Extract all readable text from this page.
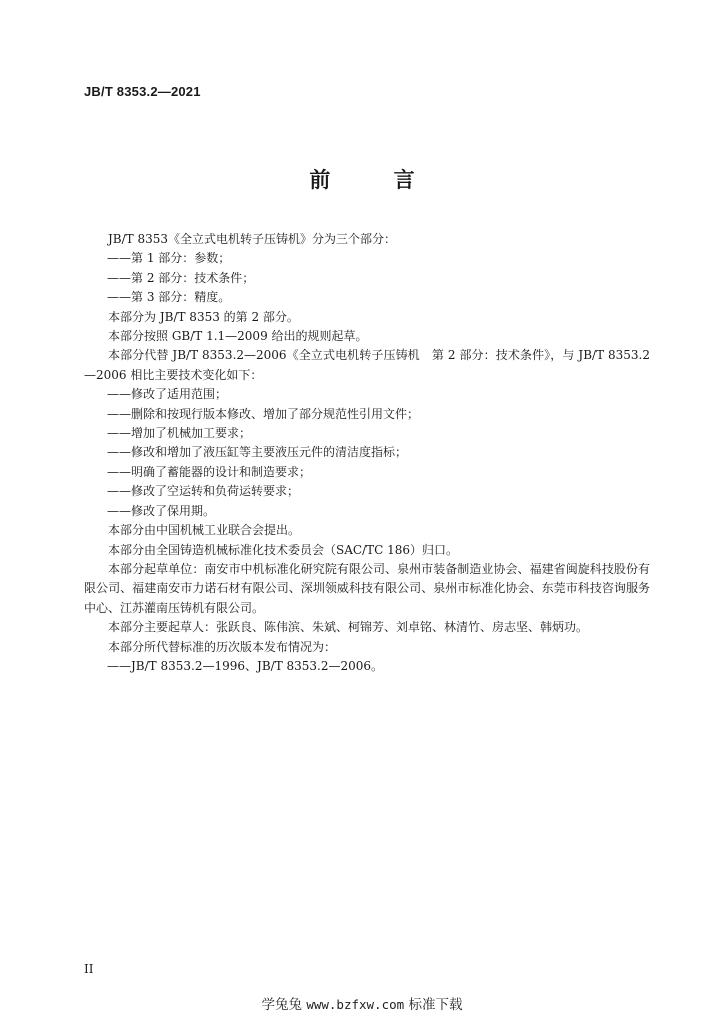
JB/T 8353.2—2021
前 言

JB/T 8353《全立式电机转子压铸机》分为三个部分：

——第 1 部分：参数；

——第 2 部分：技术条件；

——第 3 部分：精度。

本部分为 JB/T 8353 的第 2 部分。

本部分按照 GB/T 1.1—2009 给出的规则起草。

本部分代替 JB/T 8353.2—2006《全立式电机转子压铸机　第 2 部分：技术条件》，与 JB/T 8353.2—2006 相比主要技术变化如下：

——修改了适用范围；

——删除和按现行版本修改、增加了部分规范性引用文件；

——增加了机械加工要求；

——修改和增加了液压缸等主要液压元件的清洁度指标；

——明确了蓄能器的设计和制造要求；

——修改了空运转和负荷运转要求；

——修改了保用期。

本部分由中国机械工业联合会提出。

本部分由全国铸造机械标准化技术委员会（SAC/TC 186）归口。

本部分起草单位：南安市中机标准化研究院有限公司、泉州市装备制造业协会、福建省闽旋科技股份有限公司、福建南安市力诺石材有限公司、深圳领威科技有限公司、泉州市标准化协会、东莞市科技咨询服务中心、江苏灌南压铸机有限公司。

本部分主要起草人：张跃良、陈伟滨、朱斌、柯锦芳、刘卓铭、林清竹、房志坚、韩炳功。

本部分所代替标准的历次版本发布情况为：

——JB/T 8353.2—1996、JB/T 8353.2—2006。

II
学兔兔 www.bzfxw.com 标准下载
